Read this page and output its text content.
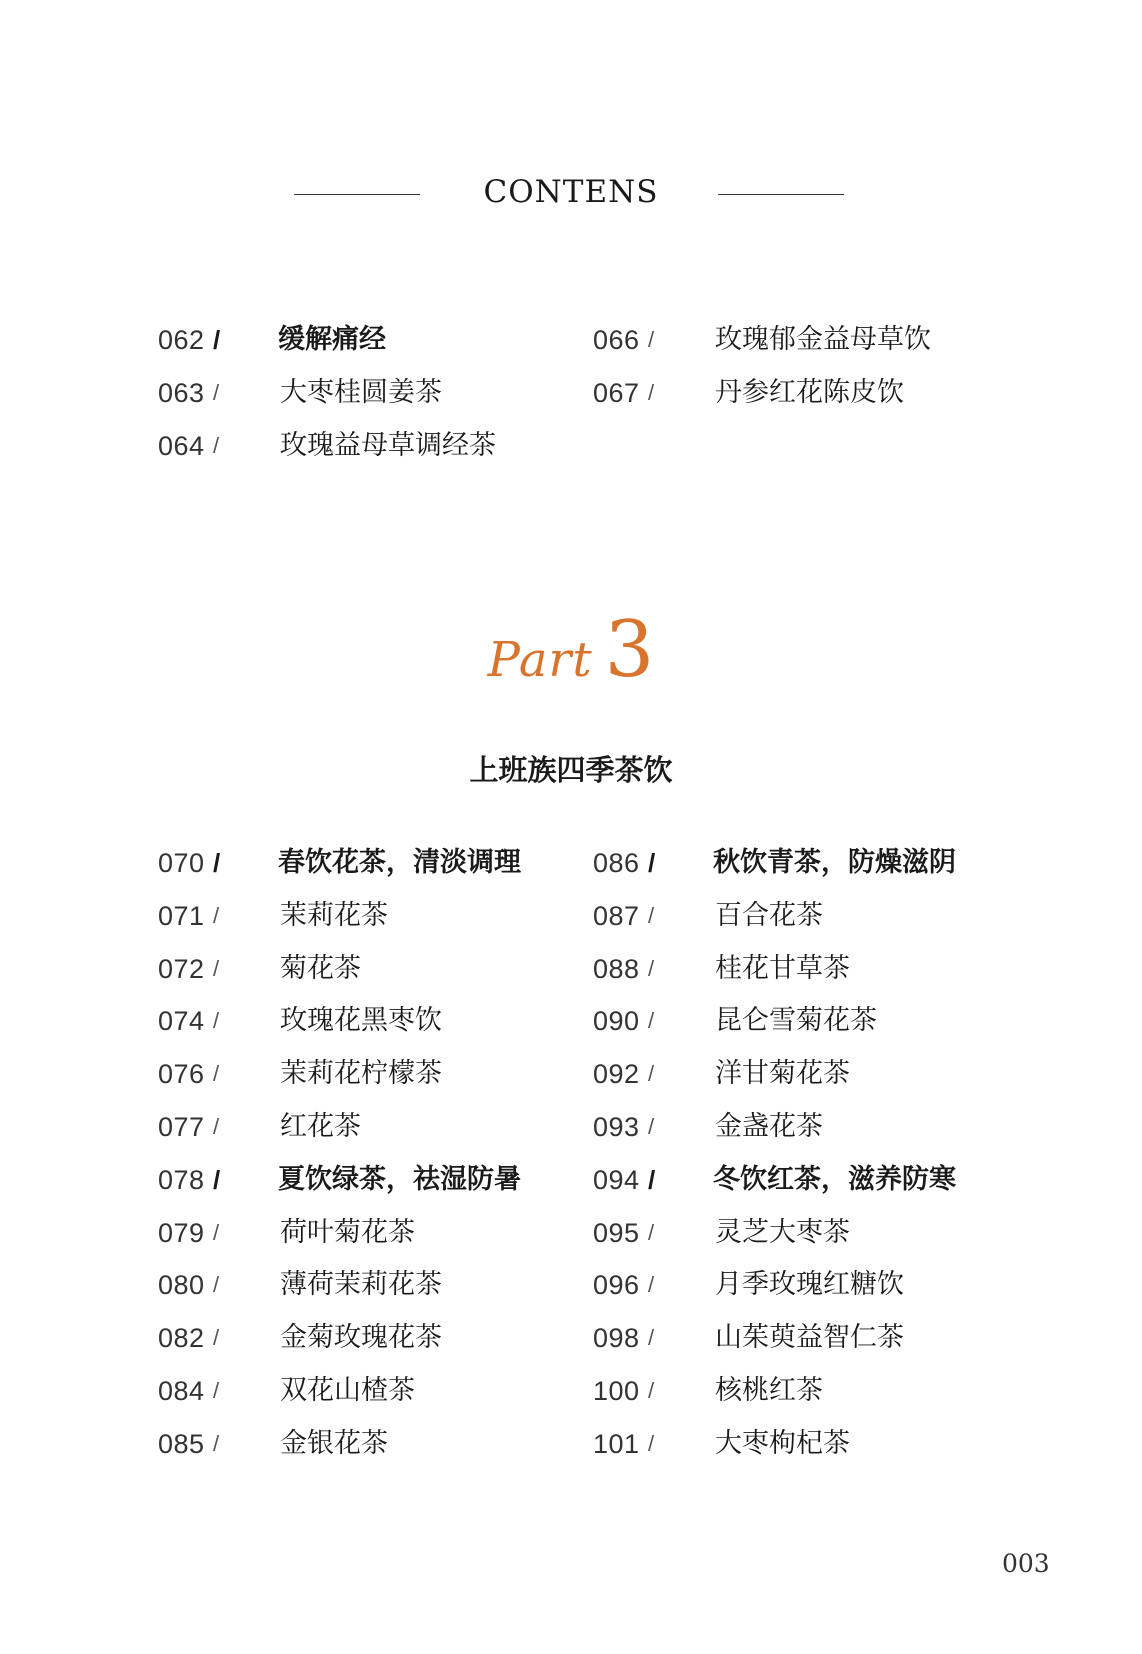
CONTENS
062 / 缓解痛经
063 / 大枣桂圆姜茶
064 / 玫瑰益母草调经茶
066 / 玫瑰郁金益母草饮
067 / 丹参红花陈皮饮
Part 3
上班族四季茶饮
070 / 春饮花茶，清淡调理
071 / 茉莉花茶
072 / 菊花茶
074 / 玫瑰花黑枣饮
076 / 茉莉花柠檬茶
077 / 红花茶
078 / 夏饮绿茶，祛湿防暑
079 / 荷叶菊花茶
080 / 薄荷茉莉花茶
082 / 金菊玫瑰花茶
084 / 双花山楂茶
085 / 金银花茶
086 / 秋饮青茶，防燥滋阴
087 / 百合花茶
088 / 桂花甘草茶
090 / 昆仑雪菊花茶
092 / 洋甘菊花茶
093 / 金盏花茶
094 / 冬饮红茶，滋养防寒
095 / 灵芝大枣茶
096 / 月季玫瑰红糖饮
098 / 山茱萸益智仁茶
100 / 核桃红茶
101 / 大枣枸杞茶
003
